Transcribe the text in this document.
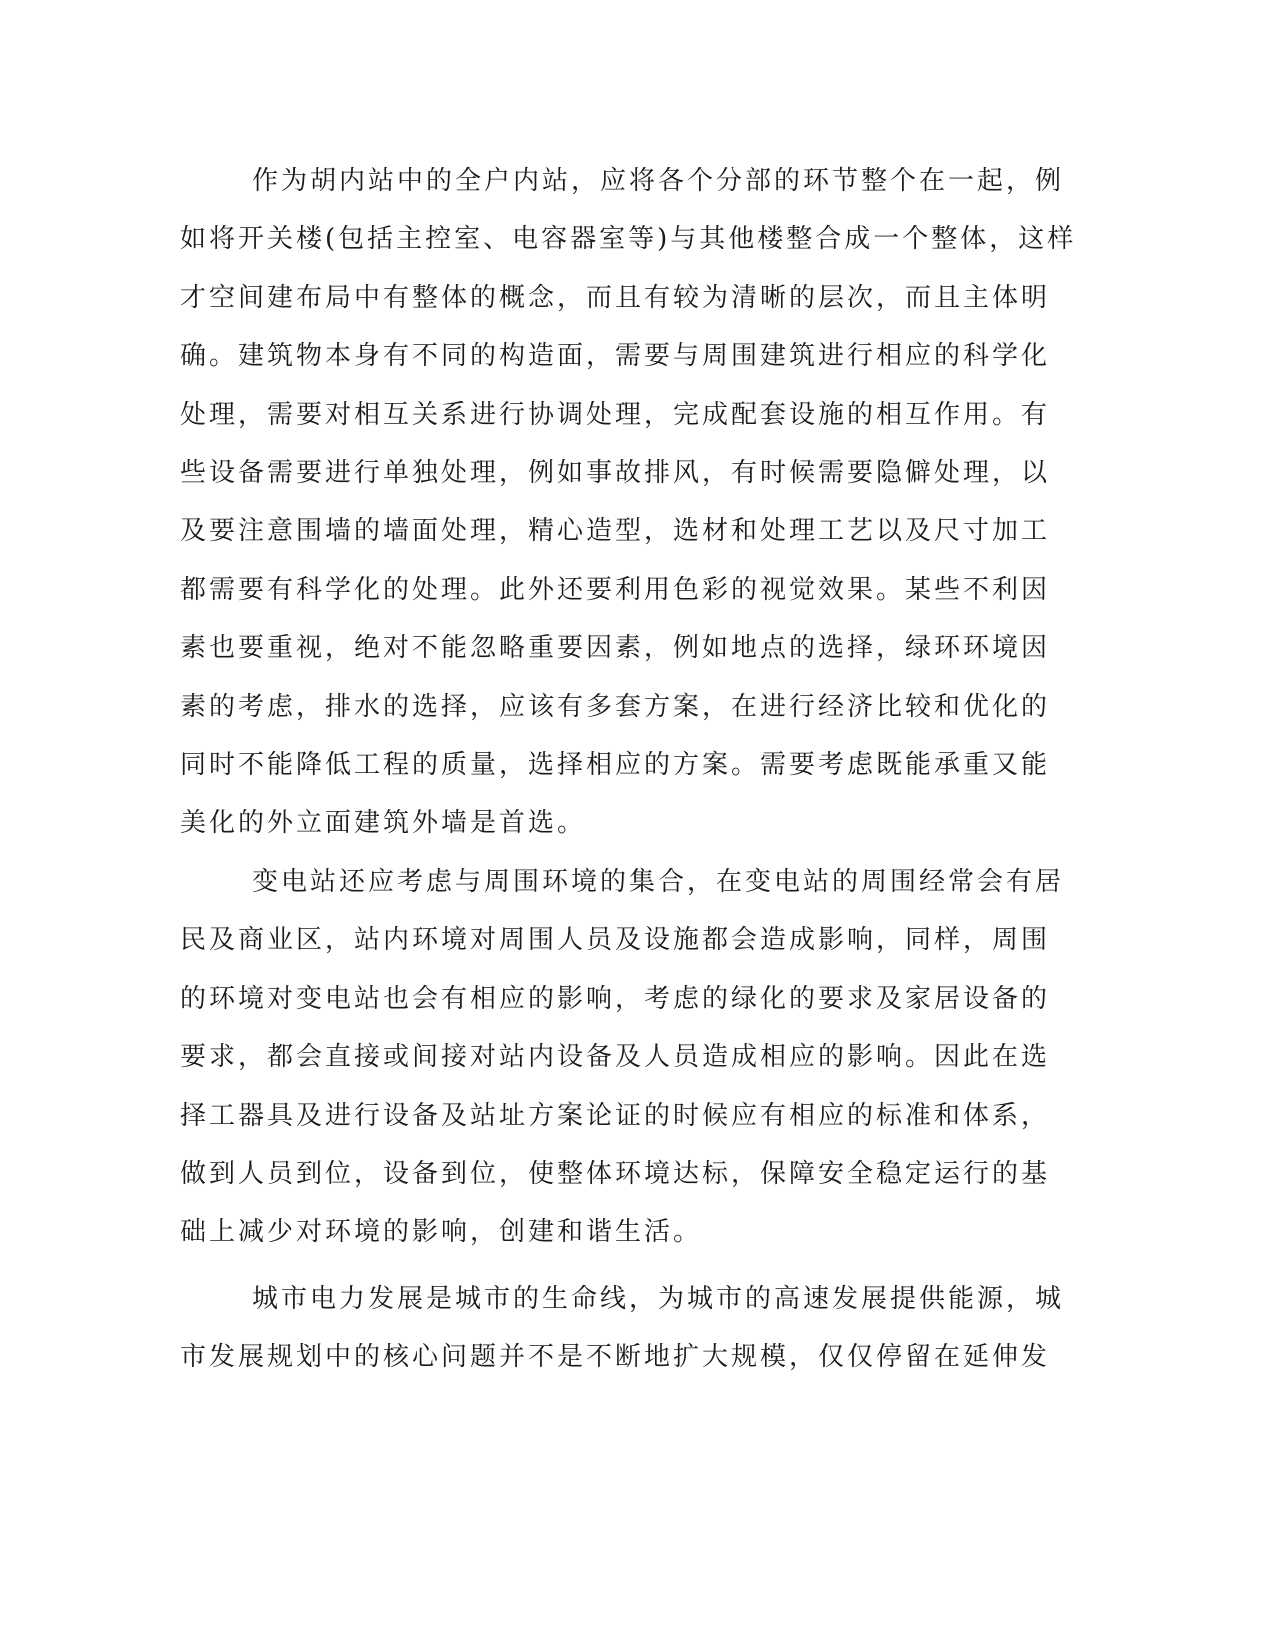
作为胡内站中的全户内站，应将各个分部的环节整个在一起，例
如将开关楼(包括主控室、电容器室等)与其他楼整合成一个整体，这样
才空间建布局中有整体的概念，而且有较为清晰的层次，而且主体明
确。建筑物本身有不同的构造面，需要与周围建筑进行相应的科学化
处理，需要对相互关系进行协调处理，完成配套设施的相互作用。有
些设备需要进行单独处理，例如事故排风，有时候需要隐僻处理，以
及要注意围墙的墙面处理，精心造型，选材和处理工艺以及尺寸加工
都需要有科学化的处理。此外还要利用色彩的视觉效果。某些不利因
素也要重视，绝对不能忽略重要因素，例如地点的选择，绿环环境因
素的考虑，排水的选择，应该有多套方案，在进行经济比较和优化的
同时不能降低工程的质量，选择相应的方案。需要考虑既能承重又能
美化的外立面建筑外墙是首选。
变电站还应考虑与周围环境的集合，在变电站的周围经常会有居
民及商业区，站内环境对周围人员及设施都会造成影响，同样，周围
的环境对变电站也会有相应的影响，考虑的绿化的要求及家居设备的
要求，都会直接或间接对站内设备及人员造成相应的影响。因此在选
择工器具及进行设备及站址方案论证的时候应有相应的标准和体系，
做到人员到位，设备到位，使整体环境达标，保障安全稳定运行的基
础上减少对环境的影响，创建和谐生活。
城市电力发展是城市的生命线，为城市的高速发展提供能源，城
市发展规划中的核心问题并不是不断地扩大规模，仅仅停留在延伸发
